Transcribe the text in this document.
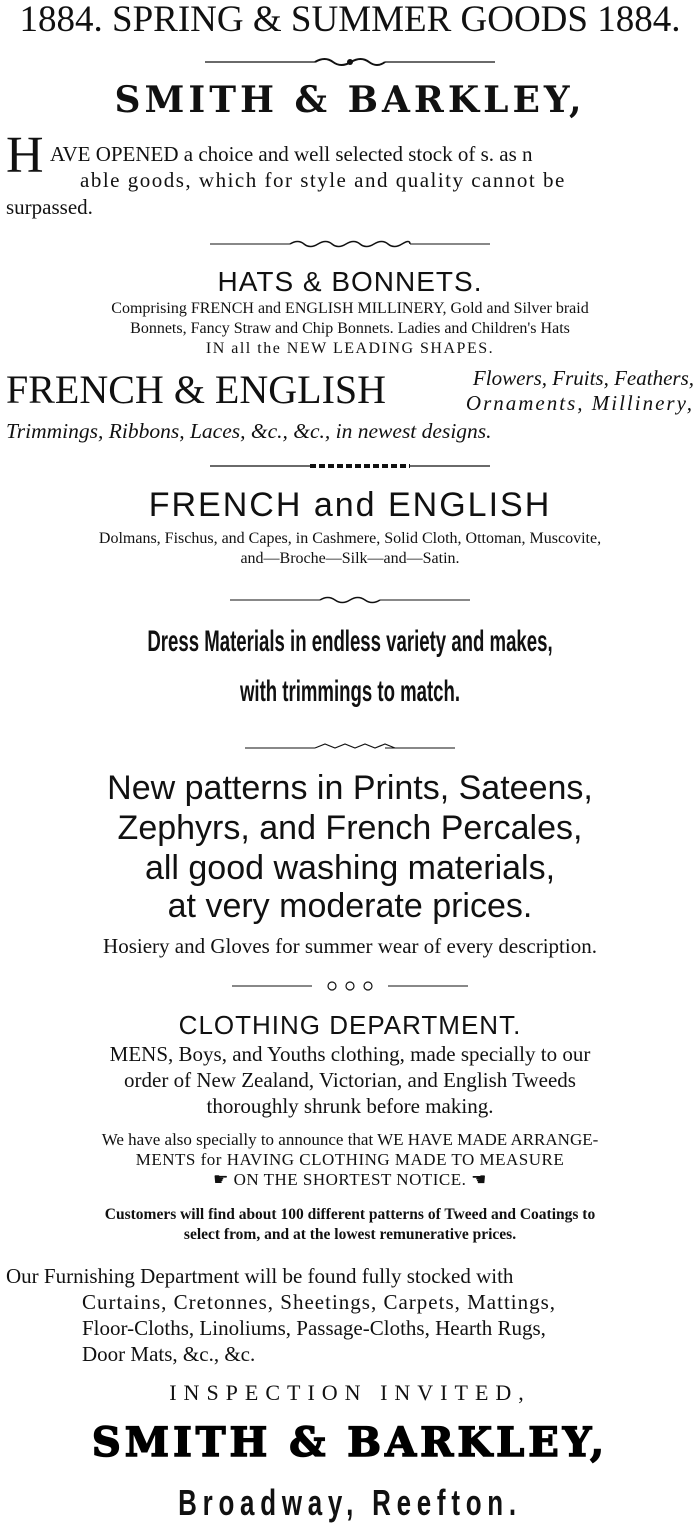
1884. SPRING & SUMMER GOODS 1884.
SMITH & BARKLEY,
H AVE OPENED a choice and well selected stock of s. as n
able goods, which for style and quality cannot be
surpassed.
HATS & BONNETS.
Comprising FRENCH and ENGLISH MILLINERY, Gold and Silver braid
Bonnets, Fancy Straw and Chip Bonnets. Ladies and Children's Hats
IN all the NEW LEADING SHAPES.
FRENCH & ENGLISH	Flowers, Fruits, Feathers,
Ornaments, Millinery,
Trimmings, Ribbons, Laces, &c., &c., in newest designs.
FRENCH and ENGLISH
Dolmans, Fischus, and Capes, in Cashmere, Solid Cloth, Ottoman, Muscovite,
and—Broche—Silk—and—Satin.
Dress Materials in endless variety and makes,
with trimmings to match.
New patterns in Prints, Sateens,
Zephyrs, and French Percales,
all good washing materials,
at very moderate prices.
Hosiery and Gloves for summer wear of every description.
CLOTHING DEPARTMENT.
MENS, Boys, and Youths clothing, made specially to our
order of New Zealand, Victorian, and English Tweeds
thoroughly shrunk before making.
We have also specially to announce that WE HAVE MADE ARRANGE-
MENTS for HAVING CLOTHING MADE TO MEASURE
☛ ON THE SHORTEST NOTICE. ☚
Customers will find about 100 different patterns of Tweed and Coatings to
select from, and at the lowest remunerative prices.
Our Furnishing Department will be found fully stocked with
Curtains, Cretonnes, Sheetings, Carpets, Mattings,
Floor-Cloths, Linoliums, Passage-Cloths, Hearth Rugs,
Door Mats, &c., &c.
INSPECTION INVITED,
SMITH & BARKLEY,
Broadway, Reefton.
